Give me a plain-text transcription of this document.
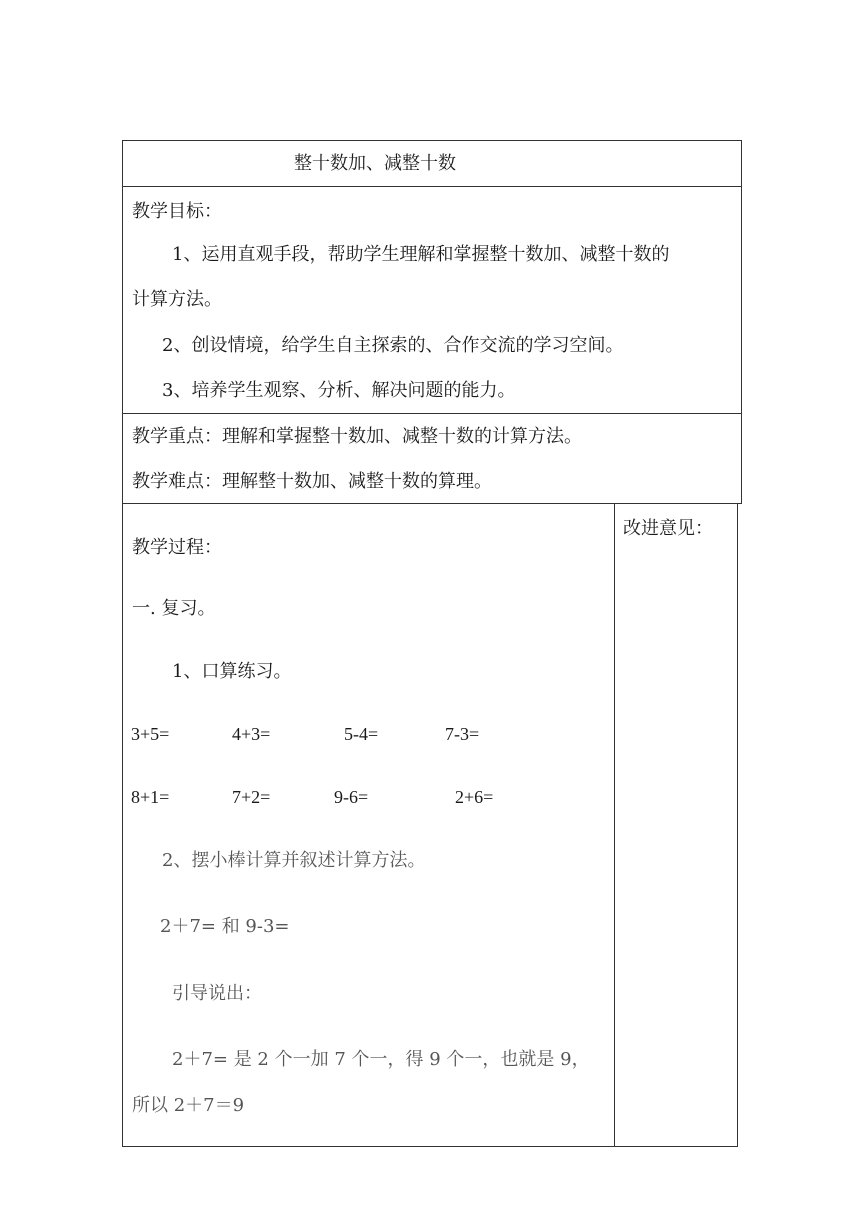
整十数加、减整十数
教学目标：
1、运用直观手段，帮助学生理解和掌握整十数加、减整十数的
计算方法。
2、创设情境，给学生自主探索的、合作交流的学习空间。
3、培养学生观察、分析、解决问题的能力。
教学重点：理解和掌握整十数加、减整十数的计算方法。
教学难点：理解整十数加、减整十数的算理。
改进意见：
教学过程：
一. 复习。
1、口算练习。
3+5=	4+3=	5-4=	7-3=
8+1=	7+2=	9-6=	2+6=
2、摆小棒计算并叙述计算方法。
2＋7= 和 9-3=
引导说出：
2＋7= 是 2 个一加 7 个一，得 9 个一，也就是 9，
所以 2＋7＝9
